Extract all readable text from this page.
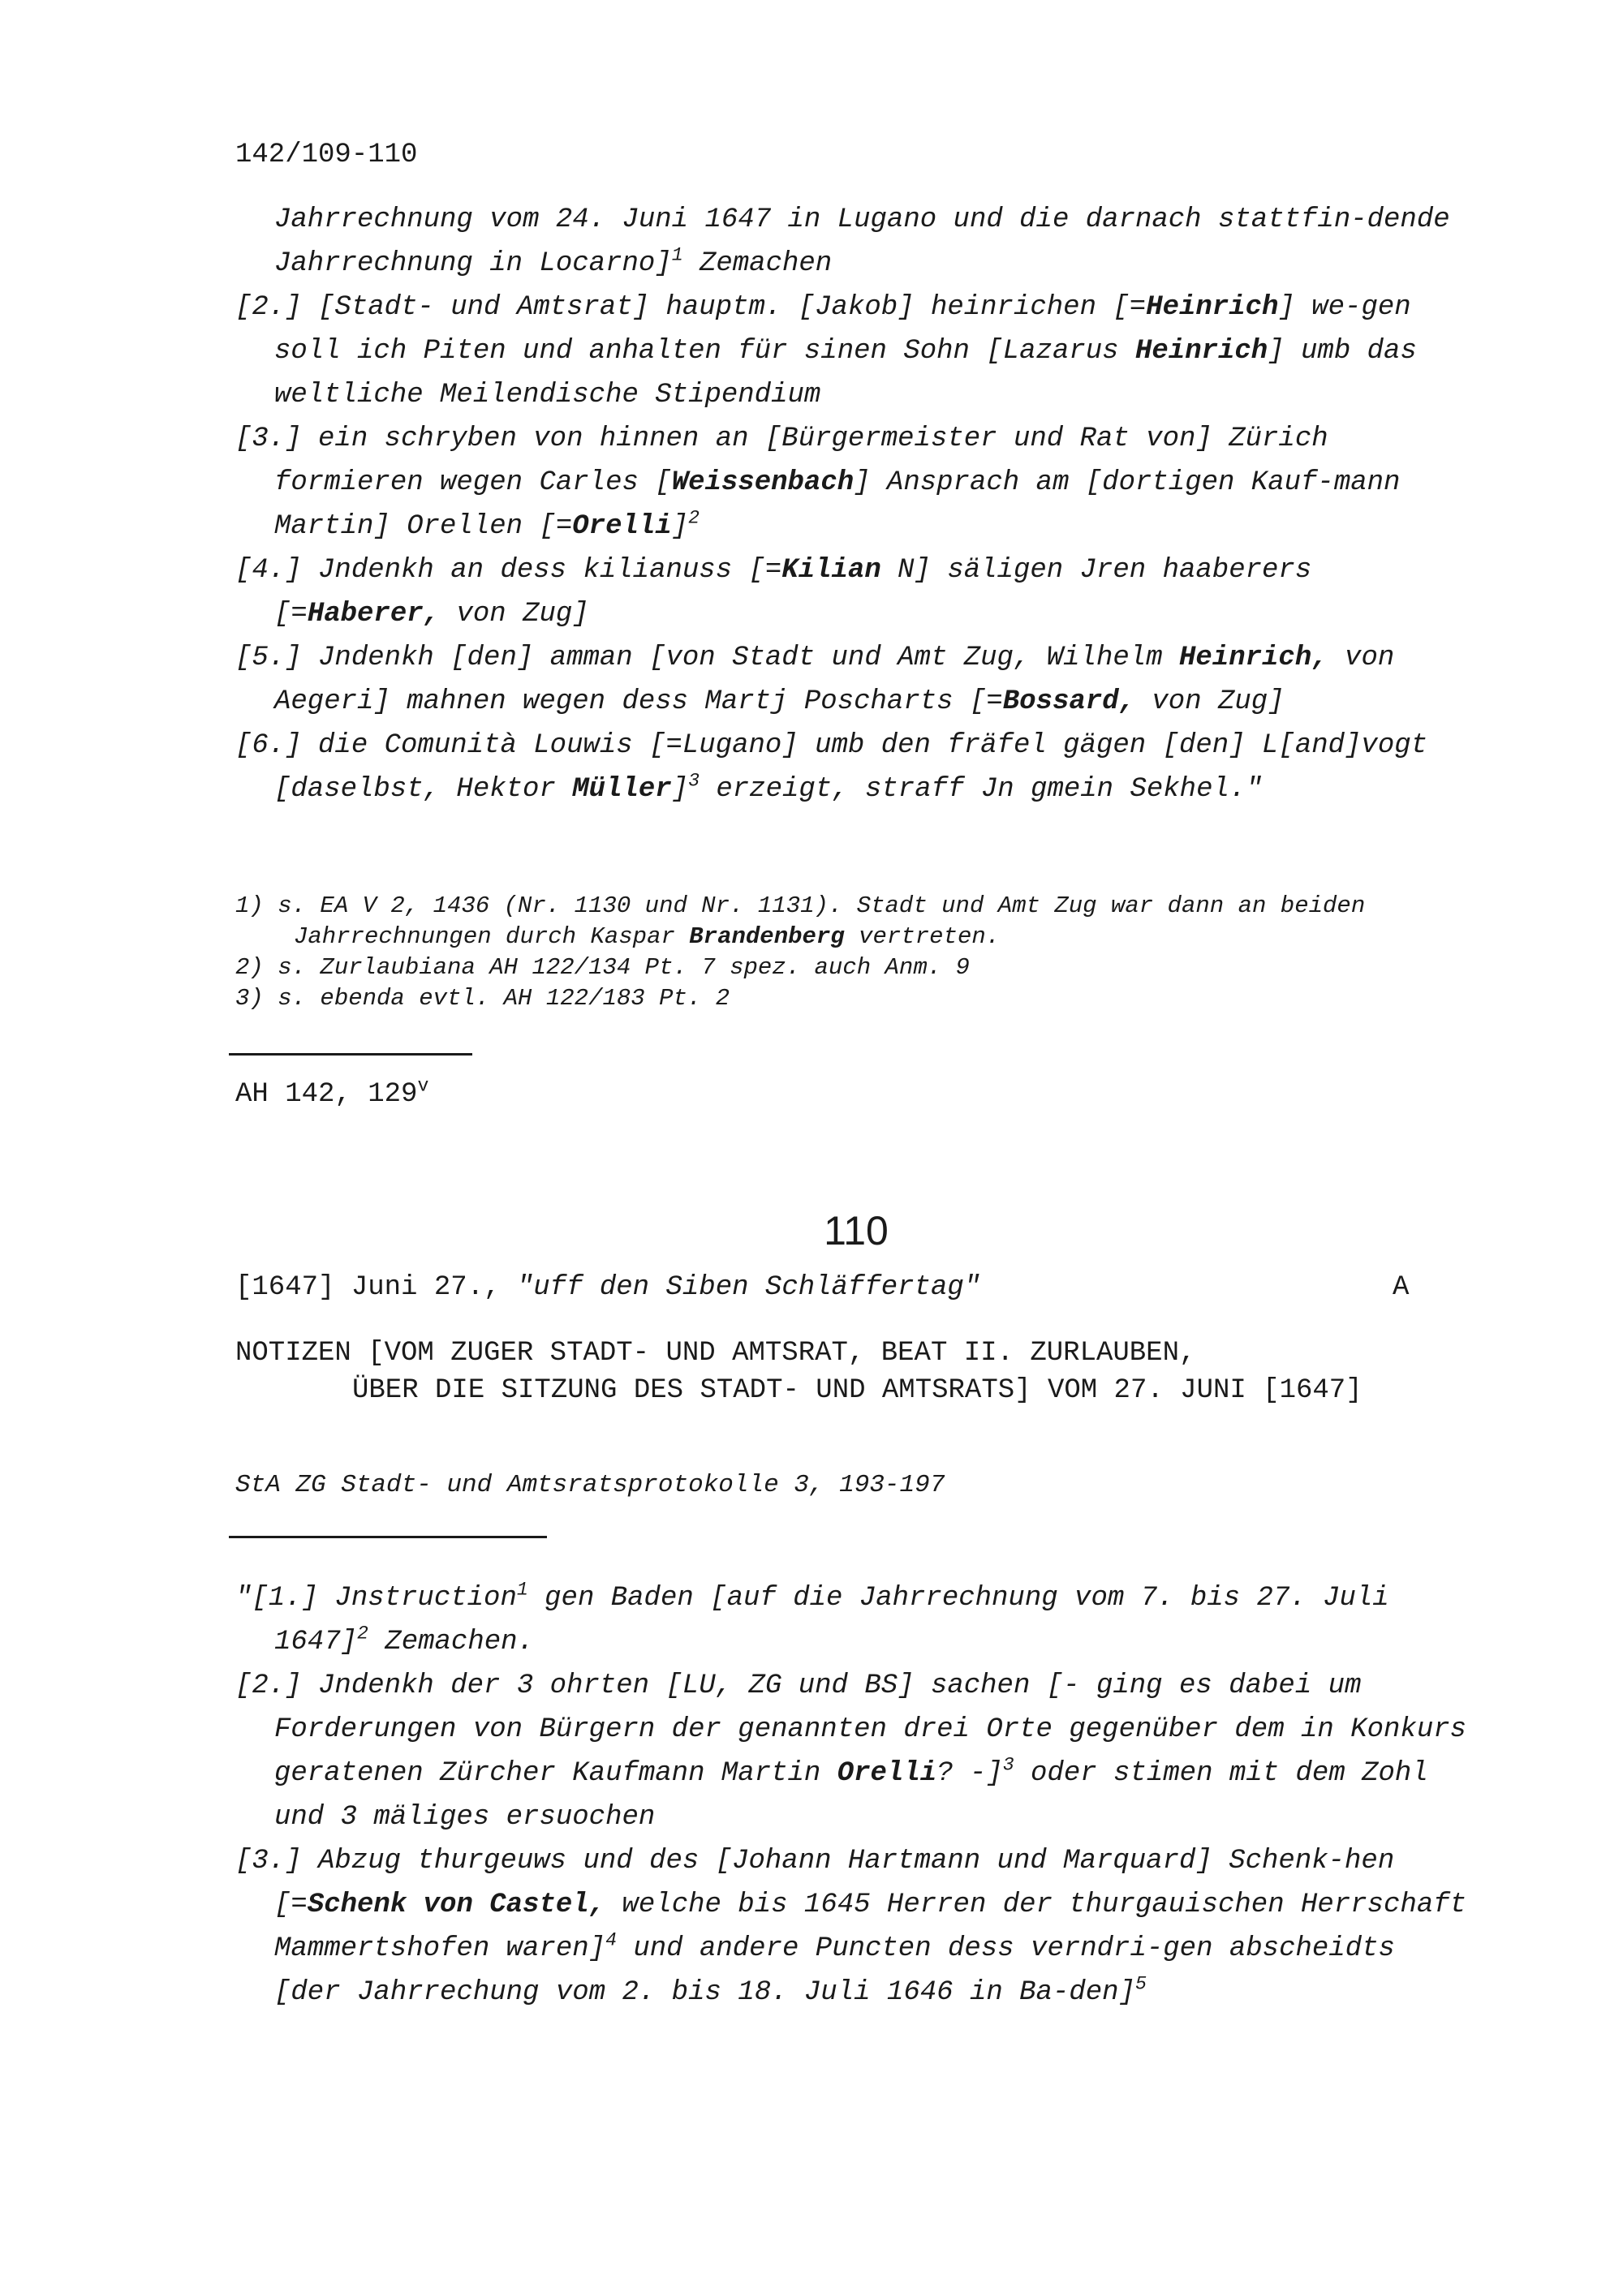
142/109-110

Jahrrechnung vom 24. Juni 1647 in Lugano und die darnach stattfin-dende Jahrrechnung in Locarno]$^1$ Zemachen

[2.] [Stadt- und Amtsrat] hauptm. [Jakob] heinrichen [=Heinrich] we-gen soll ich Piten und anhalten für sinen Sohn [Lazarus Heinrich] umb das weltliche Meilendische Stipendium

[3.] ein schryben von hinnen an [Bürgermeister und Rat von] Zürich formieren wegen Carles [Weissenbach] Ansprach am [dortigen Kauf-mann Martin] Orellen [=Orelli]$^2$

[4.] Jndenkh an dess kilianuss [=Kilian N] säligen Jren haaberers [=Haberer, von Zug]

[5.] Jndenkh [den] amman [von Stadt und Amt Zug, Wilhelm Heinrich, von Aegeri] mahnen wegen dess Martj Poscharts [=Bossard, von Zug]

[6.] die Comunità Louwis [=Lugano] umb den fräfel gägen [den] L[and]vogt [daselbst, Hektor Müller]$^3$ erzeigt, straff Jn gmein Sekhel."

1) s. EA V 2, 1436 (Nr. 1130 und Nr. 1131). Stadt und Amt Zug war dann an beiden Jahrrechnungen durch Kaspar Brandenberg vertreten.

2) s. Zurlaubiana AH 122/134 Pt. 7 spez. auch Anm. 9

3) s. ebenda evtl. AH 122/183 Pt. 2

AH 142, 129$^v$
110
[1647] Juni 27., "uff den Siben Schläffertag"	A
NOTIZEN [VOM ZUGER STADT- UND AMTSRAT, BEAT II. ZURLAUBEN,
ÜBER DIE SITZUNG DES STADT- UND AMTSRATS] VOM 27. JUNI [1647]
StA ZG Stadt- und Amtsratsprotokolle 3, 193-197

"[1.] Jnstruction$^1$ gen Baden [auf die Jahrrechnung vom 7. bis 27. Juli 1647]$^2$ Zemachen.

[2.] Jndenkh der 3 ohrten [LU, ZG und BS] sachen [- ging es dabei um Forderungen von Bürgern der genannten drei Orte gegenüber dem in Konkurs geratenen Zürcher Kaufmann Martin Orelli? -]$^3$ oder stimen mit dem Zohl und 3 mäliges ersuochen

[3.] Abzug thurgeuws und des [Johann Hartmann und Marquard] Schenk-hen [=Schenk von Castel, welche bis 1645 Herren der thurgauischen Herrschaft Mammertshofen waren]$^4$ und andere Puncten dess verndri-gen abscheidts [der Jahrrechung vom 2. bis 18. Juli 1646 in Ba-den]$^5$
